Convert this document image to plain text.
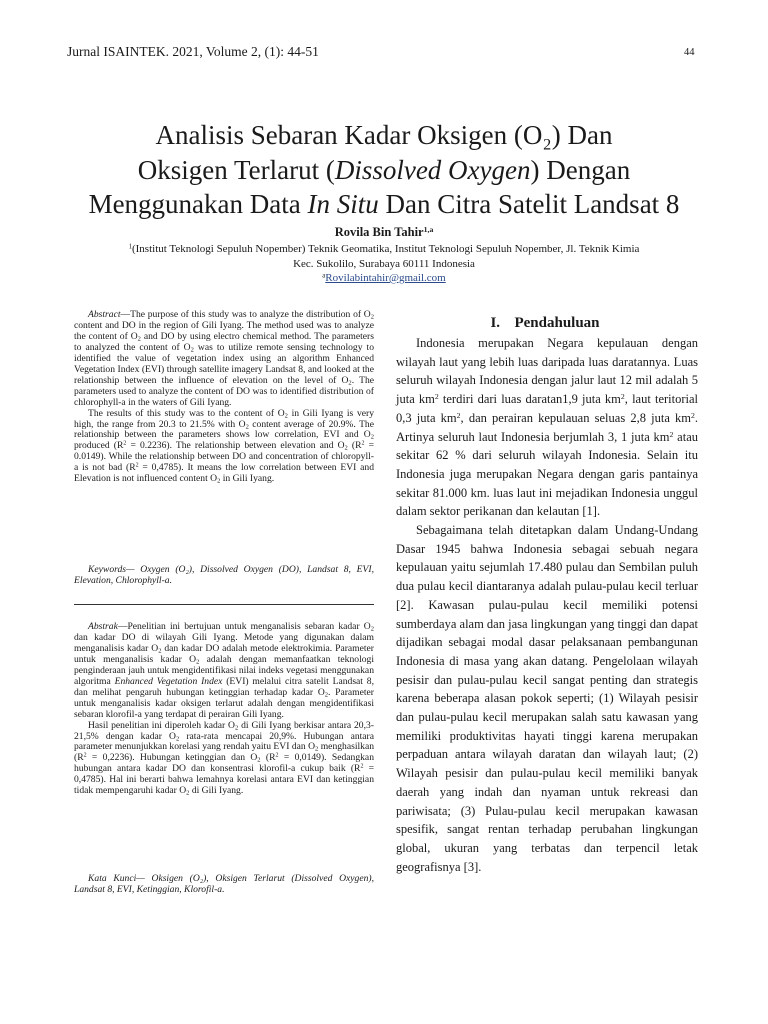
Jurnal ISAINTEK. 2021, Volume 2, (1): 44-51	44
Analisis Sebaran Kadar Oksigen (O₂) Dan
Oksigen Terlarut (Dissolved Oxygen) Dengan
Menggunakan Data In Situ Dan Citra Satelit Landsat 8
Rovila Bin Tahir$^{1,a}$
$^1$(Institut Teknologi Sepuluh Nopember) Teknik Geomatika, Institut Teknologi Sepuluh Nopember, Jl. Teknik Kimia
Kec. Sukolilo, Surabaya 60111 Indonesia
$^a$Rovilabintahir@gmail.com

Abstract—The purpose of this study was to analyze the distribution of $O_2$ content and DO in the region of Gili Iyang. The method used was to analyze the content of $O_2$ and DO by using electro chemical method. The parameters to analyzed the content of $O_2$ was to utilize remote sensing technology to identified the value of vegetation index using an algorithm Enhanced Vegetation Index (EVI) through satellite imagery Landsat 8, and looked at the relationship between the influence of elevation on the level of $O_2$. The parameters used to analyze the content of DO was to identified distribution of chlorophyll-a in the waters of Gili Iyang.

The results of this study was to the content of $O_2$ in Gili Iyang is very high, the range from 20.3 to 21.5% with $O_2$ content average of 20.9%. The relationship between the parameters shows low correlation, EVI and $O_2$ produced $(R^2 = 0.2236)$. The relationship between elevation and $O_2$ $(R^2 = 0.0149)$. While the relationship between DO and concentration of chloropyll-a is not bad $(R^2 = 0,4785)$. It means the low correlation between EVI and Elevation is not influenced content $O_2$ in Gili Iyang.

Keywords— Oxygen (O₂), Dissolved Oxygen (DO), Landsat 8, EVI, Elevation, Chlorophyll-a.

Abstrak—Penelitian ini bertujuan untuk menganalisis sebaran kadar $O_2$ dan kadar DO di wilayah Gili Iyang. Metode yang digunakan dalam menganalisis kadar $O_2$ dan kadar DO adalah metode elektrokimia. Parameter untuk menganalisis kadar $O_2$ adalah dengan memanfaatkan teknologi penginderaan jauh untuk mengidentifikasi nilai indeks vegetasi menggunakan algoritma Enhanced Vegetation Index (EVI) melalui citra satelit Landsat 8, dan melihat pengaruh hubungan ketinggian terhadap kadar $O_2$. Parameter untuk menganalisis kadar oksigen terlarut adalah dengan mengidentifikasi sebaran klorofil-a yang terdapat di perairan Gili Iyang.

Hasil penelitian ini diperoleh kadar $O_2$ di Gili Iyang berkisar antara 20,3-21,5% dengan kadar $O_2$ rata-rata mencapai 20,9%. Hubungan antara parameter menunjukkan korelasi yang rendah yaitu EVI dan $O_2$ menghasilkan $(R^2 = 0,2236)$. Hubungan ketinggian dan $O_2$ $(R^2 = 0,0149)$. Sedangkan hubungan antara kadar DO dan konsentrasi klorofil-a cukup baik $(R^2 = 0,4785)$. Hal ini berarti bahwa lemahnya korelasi antara EVI dan ketinggian tidak mempengaruhi kadar $O_2$ di Gili Iyang.

Kata Kunci— Oksigen (O₂), Oksigen Terlarut (Dissolved Oxygen), Landsat 8, EVI, Ketinggian, Klorofil-a.
I. Pendahuluan

Indonesia merupakan Negara kepulauan dengan wilayah laut yang lebih luas daripada luas daratannya. Luas seluruh wilayah Indonesia dengan jalur laut 12 mil adalah 5 juta $km^2$ terdiri dari luas daratan1,9 juta $km^2$, laut teritorial 0,3 juta $km^2$, dan perairan kepulauan seluas 2,8 juta $km^2$. Artinya seluruh laut Indonesia berjumlah 3, 1 juta $km^2$ atau sekitar 62 % dari seluruh wilayah Indonesia. Selain itu Indonesia juga merupakan Negara dengan garis pantainya sekitar 81.000 km. luas laut ini mejadikan Indonesia unggul dalam sektor perikanan dan kelautan [1].

Sebagaimana telah ditetapkan dalam Undang-Undang Dasar 1945 bahwa Indonesia sebagai sebuah negara kepulauan yaitu sejumlah 17.480 pulau dan Sembilan puluh dua pulau kecil diantaranya adalah pulau-pulau kecil terluar [2]. Kawasan pulau-pulau kecil memiliki potensi sumberdaya alam dan jasa lingkungan yang tinggi dan dapat dijadikan sebagai modal dasar pelaksanaan pembangunan Indonesia di masa yang akan datang. Pengelolaan wilayah pesisir dan pulau-pulau kecil sangat penting dan strategis karena beberapa alasan pokok seperti; (1) Wilayah pesisir dan pulau-pulau kecil merupakan salah satu kawasan yang memiliki produktivitas hayati tinggi karena merupakan perpaduan antara wilayah daratan dan wilayah laut; (2) Wilayah pesisir dan pulau-pulau kecil memiliki banyak daerah yang indah dan nyaman untuk rekreasi dan pariwisata; (3) Pulau-pulau kecil merupakan kawasan spesifik, sangat rentan terhadap perubahan lingkungan global, ukuran yang terbatas dan terpencil letak geografisnya [3].
